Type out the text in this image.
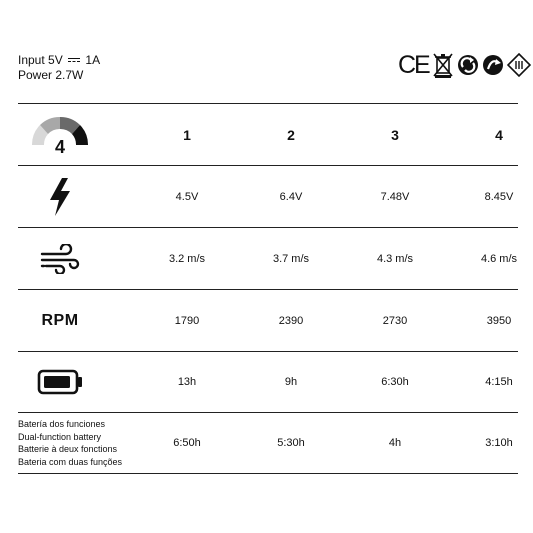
Input 5V 1A
Power 2.7W	CE
4
1	2	3	4
4.5V	6.4V	7.48V	8.45V
3.2 m/s	3.7 m/s	4.3 m/s	4.6 m/s
RPM	1790	2390	2730	3950
13h	9h	6:30h	4:15h
Batería dos funciones
Dual-function battery
Batterie à deux fonctions
Bateria com duas funções
6:50h	5:30h	4h	3:10h
